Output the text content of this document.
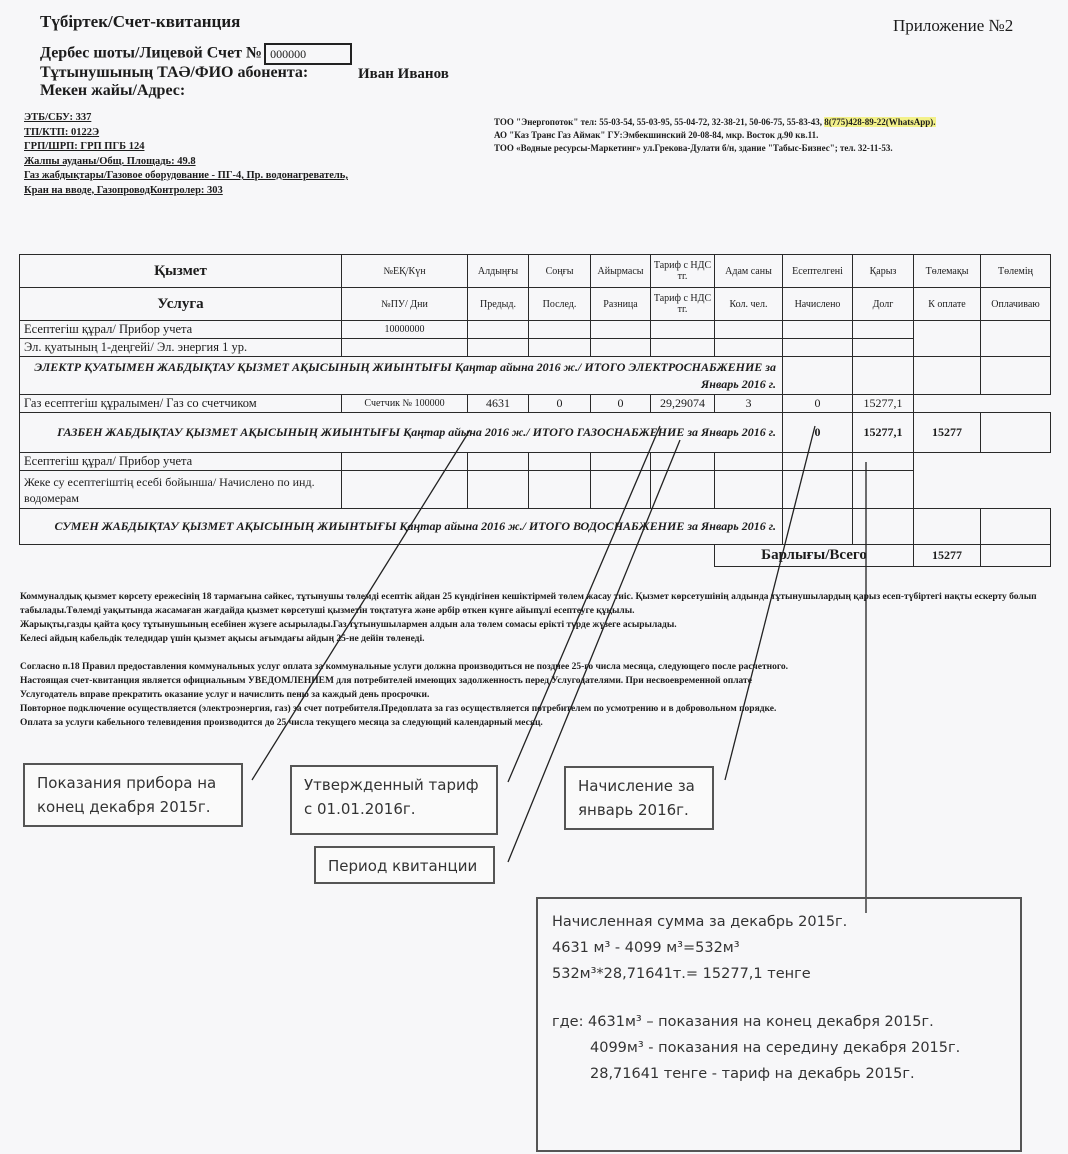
Түбіртек/Счет-квитанция	Приложение №2
Дербес шоты/Лицевой Счет № 000000
Тұтынушының ТАӘ/ФИО абонента:	Иван Иванов
Мекен жайы/Адрес:
ЭТБ/СБУ: 337
ТП/КТП: 0122Э
ГРП/ШРП: ГРП ПГБ 124
Жалпы ауданы/Общ. Площадь: 49.8
Газ жабдықтары/Газовое оборудование - ПГ-4, Пр. водонагреватель,
Кран на вводе, ГазопроводКонтролер: 303
ТОО "Энергопоток" тел: 55-03-54, 55-03-95, 55-04-72, 32-38-21, 50-06-75, 55-83-43, 8(775)428-89-22(WhatsApp).
АО "Каз Транс Газ Аймак" ГУ:Эмбекшинский 20-08-84, мкр. Восток д.90 кв.11.
ТОО «Водные ресурсы-Маркетинг» ул.Грекова-Дулати б/н, здание "Табыс-Бизнес"; тел. 32-11-53.
Қызмет	№ЕҚ/Күн	Алдыңғы	Соңғы	Айырмасы	Тариф с НДС тг.	Адам саны	Есептелгені	Қарыз	Төлемақы	Төлемің
Услуга	№ПУ/ Дни	Предыд.	Послед.	Разница	Тариф с НДС тг.	Кол. чел.	Начислено	Долг	К оплате	Оплачиваю
Есептегіш құрал/ Прибор учета	10000000									
Эл. қуатының 1-деңгейі/ Эл. энергия 1 ур.										
ЭЛЕКТР ҚУАТЫМЕН ЖАБДЫҚТАУ ҚЫЗМЕТ АҚЫСЫНЫҢ ЖИЫНТЫҒЫ Қаңтар айына 2016 ж./ ИТОГО ЭЛЕКТРОСНАБЖЕНИЕ за Январь 2016 г.										
Газ есептегіш құралымен/ Газ со счетчиком	Счетчик № 100000	4631	0	0	29,29074	3	0	15277,1		
ГАЗБЕН ЖАБДЫҚТАУ ҚЫЗМЕТ АҚЫСЫНЫҢ ЖИЫНТЫҒЫ Қаңтар айына 2016 ж./ ИТОГО ГАЗОСНАБЖЕНИЕ за Январь 2016 г.							0	15277,1	15277	
Есептегіш құрал/ Прибор учета										
Жеке су есептегіштің есебі бойынша/ Начислено по инд. водомерам										
СУМЕН ЖАБДЫҚТАУ ҚЫЗМЕТ АҚЫСЫНЫҢ ЖИЫНТЫҒЫ Қаңтар айына 2016 ж./ ИТОГО ВОДОСНАБЖЕНИЕ за Январь 2016 г.										
						Барлығы/Всего			15277	

Коммуналдық қызмет көрсету ережесінің 18 тармағына сәйкес, тұтынушы төлемді есептік айдан 25 күндігінен кешіктірмей төлем жасау тиіс. Қызмет көрсетушінің алдында тұтынушылардың қарыз есеп-түбіртегі нақты ескерту болып табылады.Төлемді уақытында жасамаған жағдайда қызмет көрсетуші қызметін тоқтатуға және әрбір өткен күнге айыпұлі есептеуге құқылы.

Жарықты,газды қайта қосу тұтынушының есебінен жүзеге асырылады.Газ тұтынушылармен алдын ала төлем сомасы ерікті түрде жүзеге асырылады.

Келесі айдың кабельдік теледидар үшін қызмет ақысы ағымдағы айдың 25-не дейін төленеді.

Согласно п.18 Правил предоставления коммунальных услуг оплата за коммунальные услуги должна производиться не позднее 25-го числа месяца, следующего после расчетного.

Настоящая счет-квитанция является официальным УВЕДОМЛЕНИЕМ для потребителей имеющих задолженность перед Услугодателями. При несвоевременной оплате

Услугодатель вправе прекратить оказание услуг и начислить пеню за каждый день просрочки.

Повторное подключение осуществляется (электроэнергия, газ) за счет потребителя.Предоплата за газ осуществляется потребителем по усмотрению и в добровольном порядке.

Оплата за услуги кабельного телевидения производится до 25 числа текущего месяца за следующий календарный месяц.

Показания прибора на конец декабря 2015г.
Утвержденный тариф с 01.01.2016г.
Начисление за январь 2016г.
Период квитанции
Начисленная сумма за декабрь 2015г.
4631 м³ - 4099 м³=532м³
532м³*28,71641т.= 15277,1 тенге
где: 4631м³ – показания на конец декабря 2015г.
4099м³ - показания на середину декабря 2015г.
28,71641 тенге - тариф на декабрь 2015г.
